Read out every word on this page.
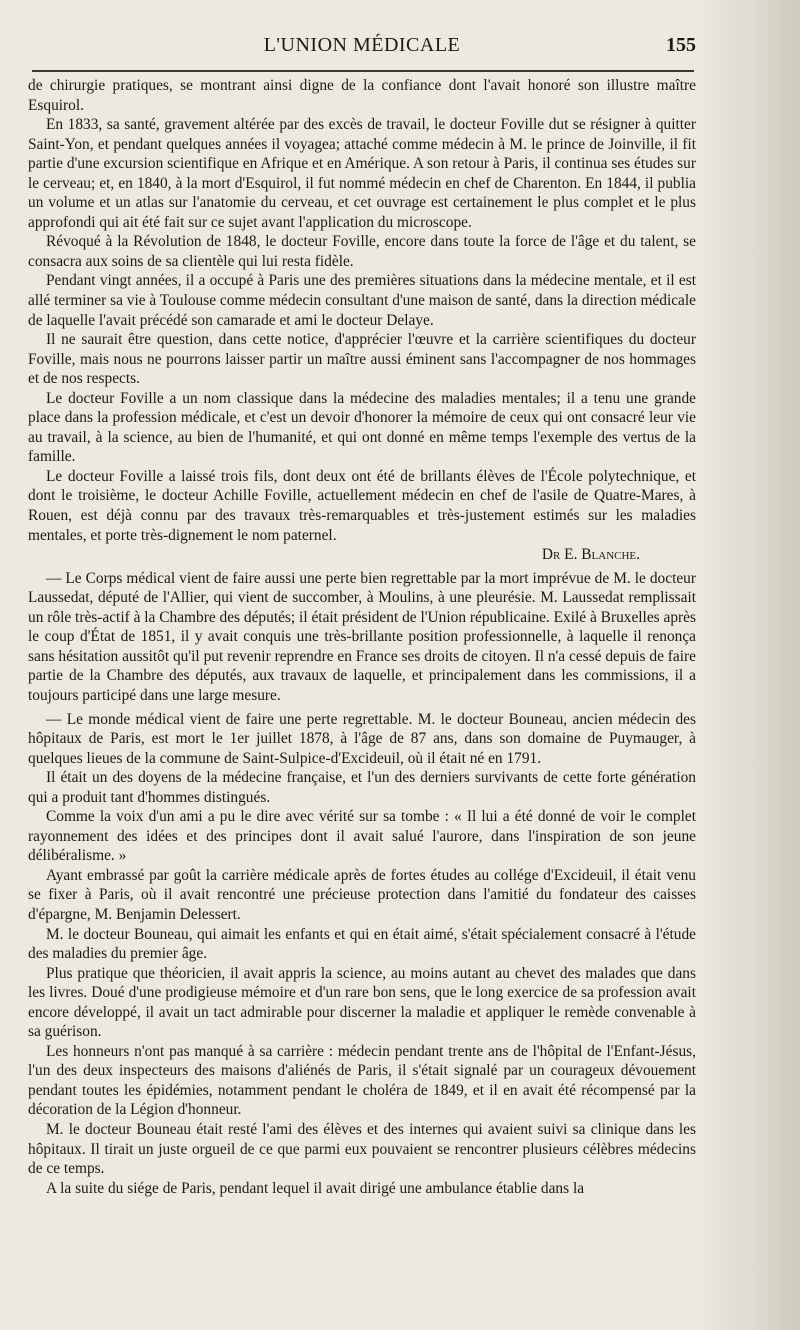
L'UNION MÉDICALE	155

de chirurgie pratiques, se montrant ainsi digne de la confiance dont l'avait honoré son illustre maître Esquirol.

En 1833, sa santé, gravement altérée par des excès de travail, le docteur Foville dut se résigner à quitter Saint-Yon, et pendant quelques années il voyagea; attaché comme médecin à M. le prince de Joinville, il fit partie d'une excursion scientifique en Afrique et en Amérique. A son retour à Paris, il continua ses études sur le cerveau; et, en 1840, à la mort d'Esquirol, il fut nommé médecin en chef de Charenton. En 1844, il publia un volume et un atlas sur l'anatomie du cerveau, et cet ouvrage est certainement le plus complet et le plus approfondi qui ait été fait sur ce sujet avant l'application du microscope.

Révoqué à la Révolution de 1848, le docteur Foville, encore dans toute la force de l'âge et du talent, se consacra aux soins de sa clientèle qui lui resta fidèle.

Pendant vingt années, il a occupé à Paris une des premières situations dans la médecine mentale, et il est allé terminer sa vie à Toulouse comme médecin consultant d'une maison de santé, dans la direction médicale de laquelle l'avait précédé son camarade et ami le docteur Delaye.

Il ne saurait être question, dans cette notice, d'apprécier l'œuvre et la carrière scientifiques du docteur Foville, mais nous ne pourrons laisser partir un maître aussi éminent sans l'accompagner de nos hommages et de nos respects.

Le docteur Foville a un nom classique dans la médecine des maladies mentales; il a tenu une grande place dans la profession médicale, et c'est un devoir d'honorer la mémoire de ceux qui ont consacré leur vie au travail, à la science, au bien de l'humanité, et qui ont donné en même temps l'exemple des vertus de la famille.

Le docteur Foville a laissé trois fils, dont deux ont été de brillants élèves de l'École polytechnique, et dont le troisième, le docteur Achille Foville, actuellement médecin en chef de l'asile de Quatre-Mares, à Rouen, est déjà connu par des travaux très-remarquables et très-justement estimés sur les maladies mentales, et porte très-dignement le nom paternel.

Dr E. Blanche.

— Le Corps médical vient de faire aussi une perte bien regrettable par la mort imprévue de M. le docteur Laussedat, député de l'Allier, qui vient de succomber, à Moulins, à une pleurésie. M. Laussedat remplissait un rôle très-actif à la Chambre des députés; il était président de l'Union républicaine. Exilé à Bruxelles après le coup d'État de 1851, il y avait conquis une très-brillante position professionnelle, à laquelle il renonça sans hésitation aussitôt qu'il put revenir reprendre en France ses droits de citoyen. Il n'a cessé depuis de faire partie de la Chambre des députés, aux travaux de laquelle, et principalement dans les commissions, il a toujours participé dans une large mesure.

— Le monde médical vient de faire une perte regrettable. M. le docteur Bouneau, ancien médecin des hôpitaux de Paris, est mort le 1er juillet 1878, à l'âge de 87 ans, dans son domaine de Puymauger, à quelques lieues de la commune de Saint-Sulpice-d'Excideuil, où il était né en 1791.

Il était un des doyens de la médecine française, et l'un des derniers survivants de cette forte génération qui a produit tant d'hommes distingués.

Comme la voix d'un ami a pu le dire avec vérité sur sa tombe : « Il lui a été donné de voir le complet rayonnement des idées et des principes dont il avait salué l'aurore, dans l'inspiration de son jeune délibéralisme. »

Ayant embrassé par goût la carrière médicale après de fortes études au collége d'Excideuil, il était venu se fixer à Paris, où il avait rencontré une précieuse protection dans l'amitié du fondateur des caisses d'épargne, M. Benjamin Delessert.

M. le docteur Bouneau, qui aimait les enfants et qui en était aimé, s'était spécialement consacré à l'étude des maladies du premier âge.

Plus pratique que théoricien, il avait appris la science, au moins autant au chevet des malades que dans les livres. Doué d'une prodigieuse mémoire et d'un rare bon sens, que le long exercice de sa profession avait encore développé, il avait un tact admirable pour discerner la maladie et appliquer le remède convenable à sa guérison.

Les honneurs n'ont pas manqué à sa carrière : médecin pendant trente ans de l'hôpital de l'Enfant-Jésus, l'un des deux inspecteurs des maisons d'aliénés de Paris, il s'était signalé par un courageux dévouement pendant toutes les épidémies, notamment pendant le choléra de 1849, et il en avait été récompensé par la décoration de la Légion d'honneur.

M. le docteur Bouneau était resté l'ami des élèves et des internes qui avaient suivi sa clinique dans les hôpitaux. Il tirait un juste orgueil de ce que parmi eux pouvaient se rencontrer plusieurs célèbres médecins de ce temps.

A la suite du siége de Paris, pendant lequel il avait dirigé une ambulance établie dans la
